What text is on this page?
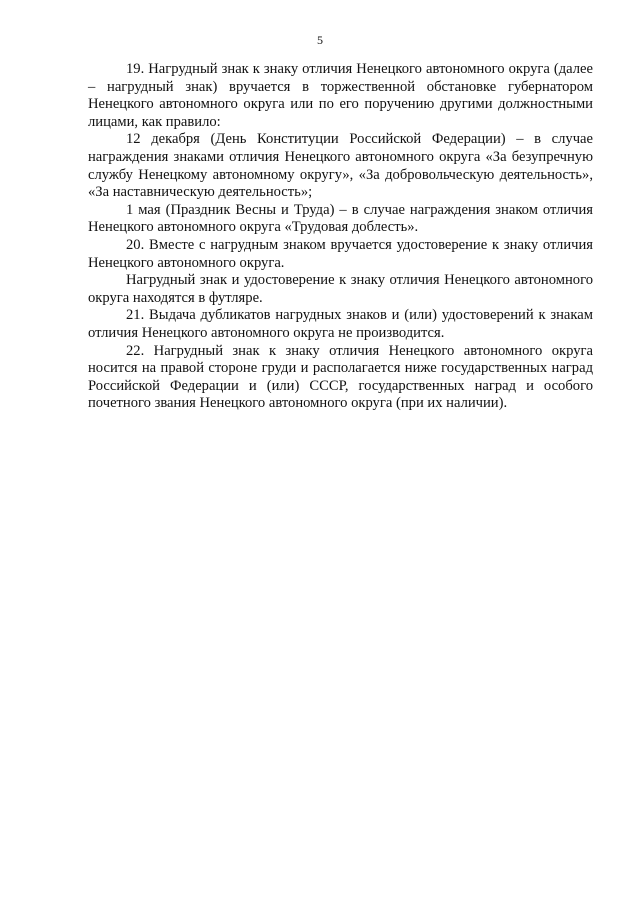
5

19. Нагрудный знак к знаку отличия Ненецкого автономного округа (далее – нагрудный знак) вручается в торжественной обстановке губернатором Ненецкого автономного округа или по его поручению другими должностными лицами, как правило:

12 декабря (День Конституции Российской Федерации) – в случае награждения знаками отличия Ненецкого автономного округа «За безупречную службу Ненецкому автономному округу», «За добровольческую деятельность», «За наставническую деятельность»;

1 мая (Праздник Весны и Труда) – в случае награждения знаком отличия Ненецкого автономного округа «Трудовая доблесть».

20. Вместе с нагрудным знаком вручается удостоверение к знаку отличия Ненецкого автономного округа.

Нагрудный знак и удостоверение к знаку отличия Ненецкого автономного округа находятся в футляре.

21. Выдача дубликатов нагрудных знаков и (или) удостоверений к знакам отличия Ненецкого автономного округа не производится.

22. Нагрудный знак к знаку отличия Ненецкого автономного округа носится на правой стороне груди и располагается ниже государственных наград Российской Федерации и (или) СССР, государственных наград и особого почетного звания Ненецкого автономного округа (при их наличии).
